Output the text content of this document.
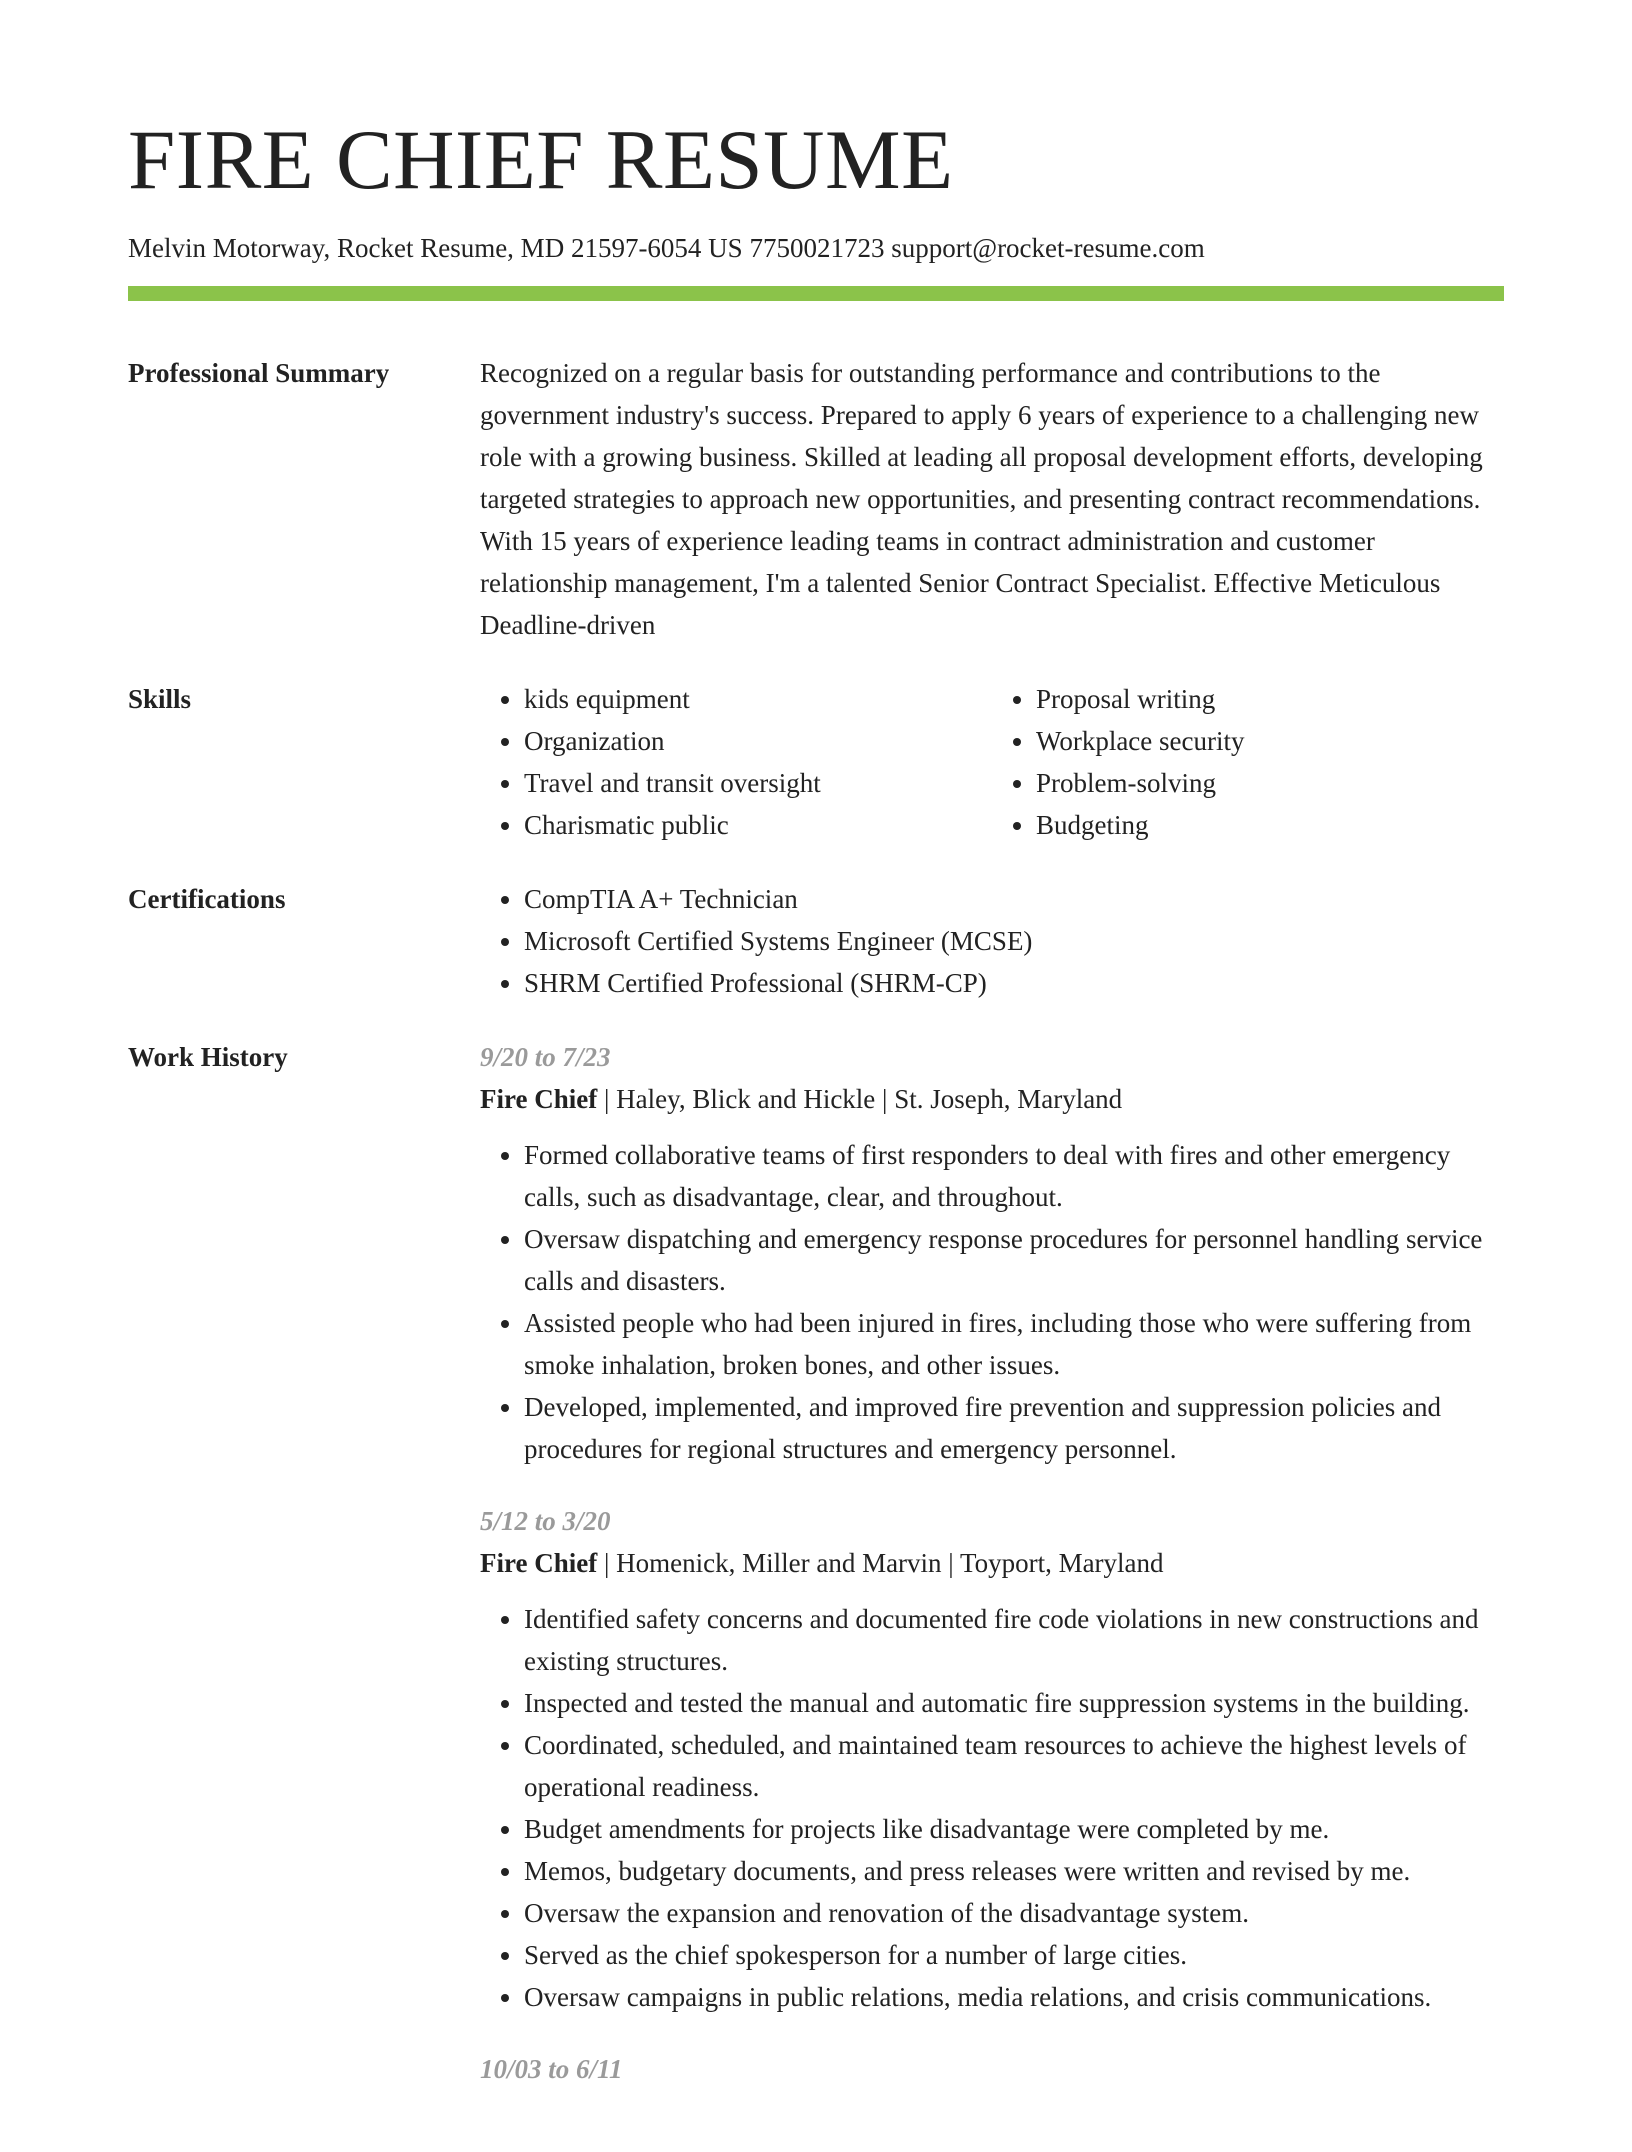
FIRE CHIEF RESUME
Melvin Motorway, Rocket Resume, MD 21597-6054 US 7750021723 support@rocket-resume.com
Professional Summary	Recognized on a regular basis for outstanding performance and contributions to the government industry's success. Prepared to apply 6 years of experience to a challenging new role with a growing business. Skilled at leading all proposal development efforts, developing targeted strategies to approach new opportunities, and presenting contract recommendations. With 15 years of experience leading teams in contract administration and customer relationship management, I'm a talented Senior Contract Specialist. Effective Meticulous Deadline-driven

Skills	• kids equipment
• Organization
• Travel and transit oversight
• Charismatic public
• Proposal writing
• Workplace security
• Problem-solving
• Budgeting
Certifications	• CompTIA A+ Technician
• Microsoft Certified Systems Engineer (MCSE)
• SHRM Certified Professional (SHRM-CP)
Work History	9/20 to 7/23
Fire Chief | Haley, Blick and Hickle | St. Joseph, Maryland
• Formed collaborative teams of first responders to deal with fires and other emergency calls, such as disadvantage, clear, and throughout.
• Oversaw dispatching and emergency response procedures for personnel handling service calls and disasters.
• Assisted people who had been injured in fires, including those who were suffering from smoke inhalation, broken bones, and other issues.
• Developed, implemented, and improved fire prevention and suppression policies and procedures for regional structures and emergency personnel.
5/12 to 3/20
Fire Chief | Homenick, Miller and Marvin | Toyport, Maryland
• Identified safety concerns and documented fire code violations in new constructions and existing structures.
• Inspected and tested the manual and automatic fire suppression systems in the building.
• Coordinated, scheduled, and maintained team resources to achieve the highest levels of operational readiness.
• Budget amendments for projects like disadvantage were completed by me.
• Memos, budgetary documents, and press releases were written and revised by me.
• Oversaw the expansion and renovation of the disadvantage system.
• Served as the chief spokesperson for a number of large cities.
• Oversaw campaigns in public relations, media relations, and crisis communications.
10/03 to 6/11
